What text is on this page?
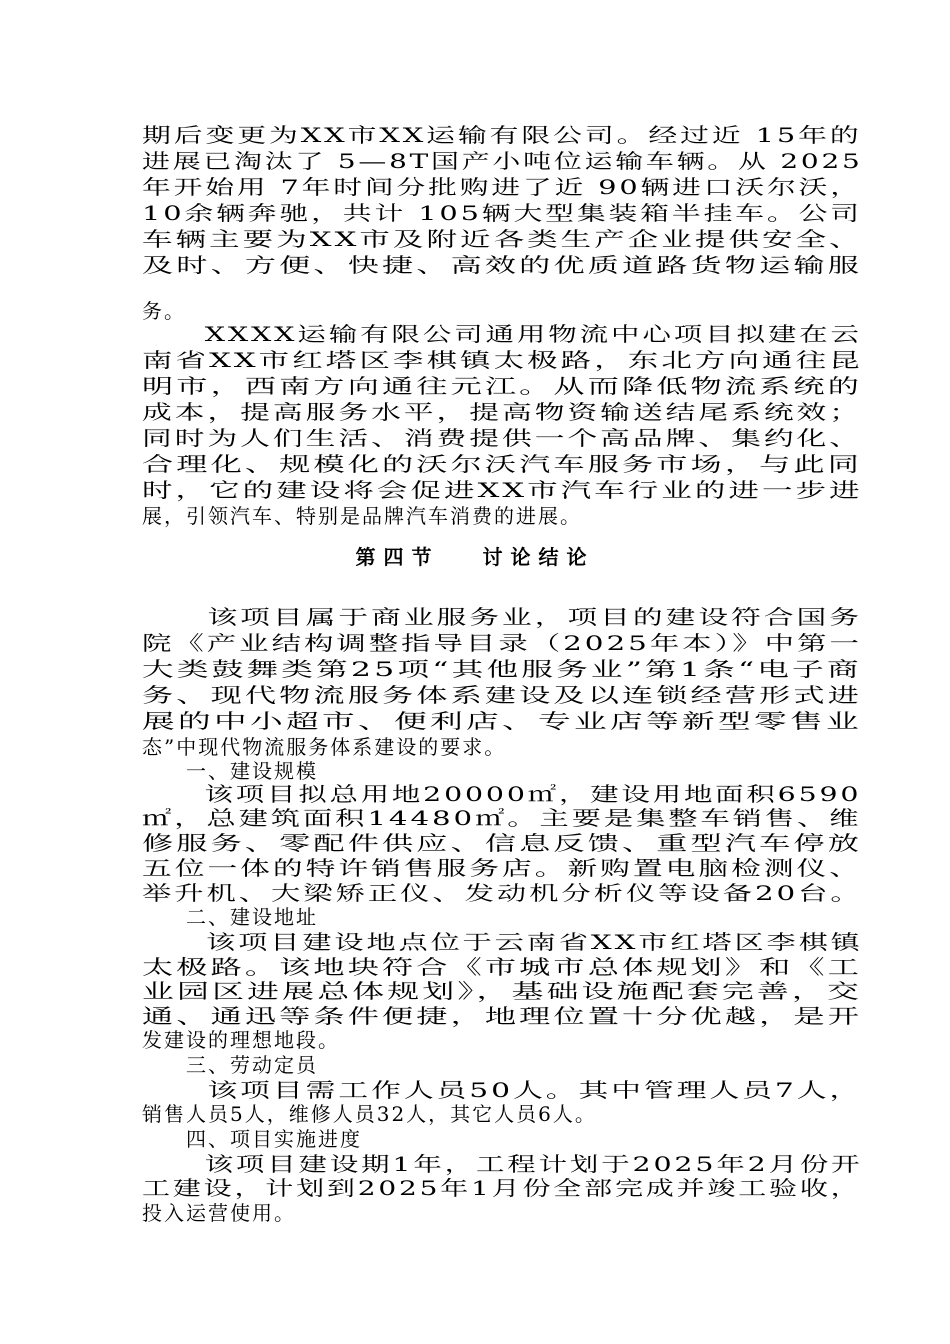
期后变更为XX市XX运输有限公司。经过近 15年的
进展已淘汰了 5—8T国产小吨位运输车辆。从 2025
年开始用 7年时间分批购进了近 90辆进口沃尔沃，
10余辆奔驰，共计 105辆大型集装箱半挂车。公司
车辆主要为XX市及附近各类生产企业提供安全、
及时、方便、快捷、高效的优质道路货物运输服
务。
　　XXXX运输有限公司通用物流中心项目拟建在云
南省XX市红塔区李棋镇太极路，东北方向通往昆
明市，西南方向通往元江。从而降低物流系统的
成本，提高服务水平，提高物资输送结尾系统效；
同时为人们生活、消费提供一个高品牌、集约化、
合理化、规模化的沃尔沃汽车服务市场，与此同
时，它的建设将会促进XX市汽车行业的进一步进
展，引领汽车、特别是品牌汽车消费的进展。
第四节　 讨论结论
　　该项目属于商业服务业，项目的建设符合国务
院《产业结构调整指导目录（2025年本）》中第一
大类鼓舞类第25项“其他服务业”第1条“电子商
务、现代物流服务体系建设及以连锁经营形式进
展的中小超市、便利店、专业店等新型零售业
态”中现代物流服务体系建设的要求。
　　一、建设规模
　　该项目拟总用地20000㎡，建设用地面积6590
㎡，总建筑面积14480㎡。主要是集整车销售、维
修服务、零配件供应、信息反馈、重型汽车停放
五位一体的特许销售服务店。新购置电脑检测仪、
举升机、大梁矫正仪、发动机分析仪等设备20台。
　　二、建设地址
　　该项目建设地点位于云南省XX市红塔区李棋镇
太极路。该地块符合《市城市总体规划》和《工
业园区进展总体规划》，基础设施配套完善，交
通、通迅等条件便捷，地理位置十分优越，是开
发建设的理想地段。
　　三、劳动定员
　　该项目需工作人员50人。其中管理人员7人，
销售人员5人，维修人员32人，其它人员6人。
　　四、项目实施进度
　　该项目建设期1年，工程计划于2025年2月份开
工建设，计划到2025年1月份全部完成并竣工验收，
投入运营使用。
